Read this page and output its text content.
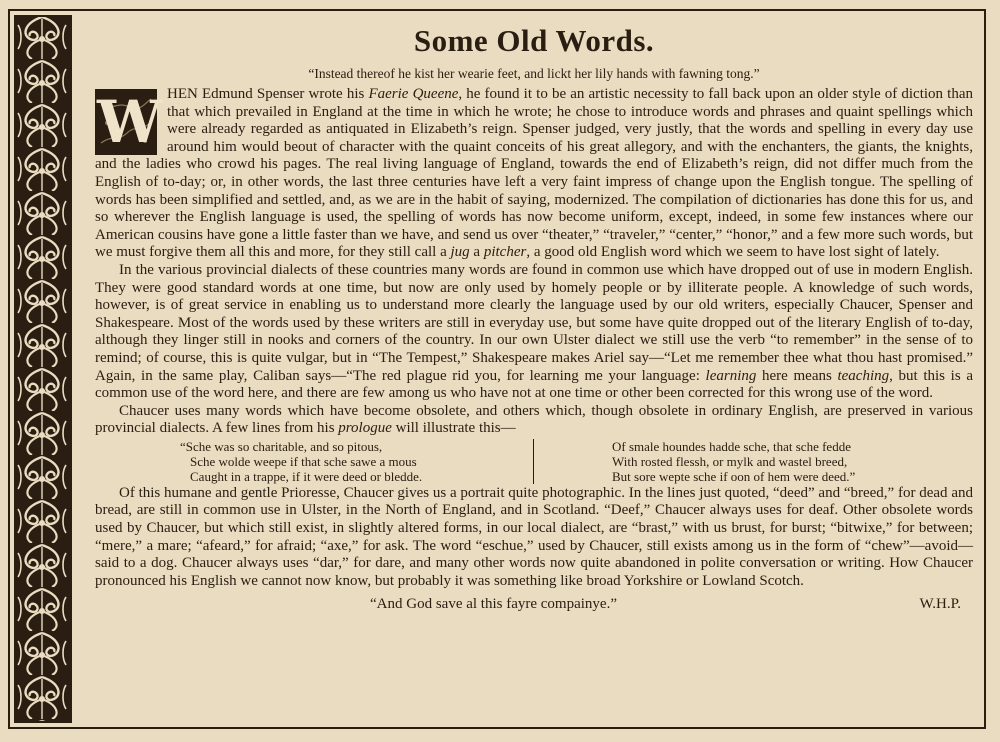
Some Old Words.
“Instead thereof he kist her wearie feet, and lickt her lily hands with fawning tong.”

W HEN Edmund Spenser wrote his Faerie Queene, he found it to be an artistic necessity to fall back upon an older style of diction than that which prevailed in England at the time in which he wrote; he chose to introduce words and phrases and quaint spellings which were already regarded as antiquated in Elizabeth’s reign. Spenser judged, very justly, that the words and spelling in every day use around him would beout of character with the quaint conceits of his great allegory, and with the enchanters, the giants, the knights, and the ladies who crowd his pages. The real living language of England, towards the end of Elizabeth’s reign, did not differ much from the English of to-day; or, in other words, the last three centuries have left a very faint impress of change upon the English tongue. The spelling of words has been simplified and settled, and, as we are in the habit of saying, modernized. The compilation of dictionaries has done this for us, and so wherever the English language is used, the spelling of words has now become uniform, except, indeed, in some few instances where our American cousins have gone a little faster than we have, and send us over “theater,” “traveler,” “center,” “honor,” and a few more such words, but we must forgive them all this and more, for they still call a jug a pitcher, a good old English word which we seem to have lost sight of lately.

In the various provincial dialects of these countries many words are found in common use which have dropped out of use in modern English. They were good standard words at one time, but now are only used by homely people or by illiterate people. A knowledge of such words, however, is of great service in enabling us to understand more clearly the language used by our old writers, especially Chaucer, Spenser and Shakespeare. Most of the words used by these writers are still in everyday use, but some have quite dropped out of the literary English of to-day, although they linger still in nooks and corners of the country. In our own Ulster dialect we still use the verb “to remember” in the sense of to remind; of course, this is quite vulgar, but in “The Tempest,” Shakespeare makes Ariel say—“Let me remember thee what thou hast promised.” Again, in the same play, Caliban says—“The red plague rid you, for learning me your language: learning here means teaching, but this is a common use of the word here, and there are few among us who have not at one time or other been corrected for this wrong use of the word.

Chaucer uses many words which have become obsolete, and others which, though obsolete in ordinary English, are preserved in various provincial dialects. A few lines from his prologue will illustrate this—

“Sche was so charitable, and so pitous,
Sche wolde weepe if that sche sawe a mous
Caught in a trappe, if it were deed or bledde.
Of smale houndes hadde sche, that sche fedde
With rosted flessh, or mylk and wastel breed,
But sore wepte sche if oon of hem were deed.”

Of this humane and gentle Prioresse, Chaucer gives us a portrait quite photographic. In the lines just quoted, “deed” and “breed,” for dead and bread, are still in common use in Ulster, in the North of England, and in Scotland. “Deef,” Chaucer always uses for deaf. Other obsolete words used by Chaucer, but which still exist, in slightly altered forms, in our local dialect, are “brast,” with us brust, for burst; “bitwixe,” for between; “mere,” a mare; “afeard,” for afraid; “axe,” for ask. The word “eschue,” used by Chaucer, still exists among us in the form of “chew”—avoid—said to a dog. Chaucer always uses “dar,” for dare, and many other words now quite abandoned in polite conversation or writing. How Chaucer pronounced his English we cannot now know, but probably it was something like broad Yorkshire or Lowland Scotch.

“And God save al this fayre compainye.”	W.H.P.
